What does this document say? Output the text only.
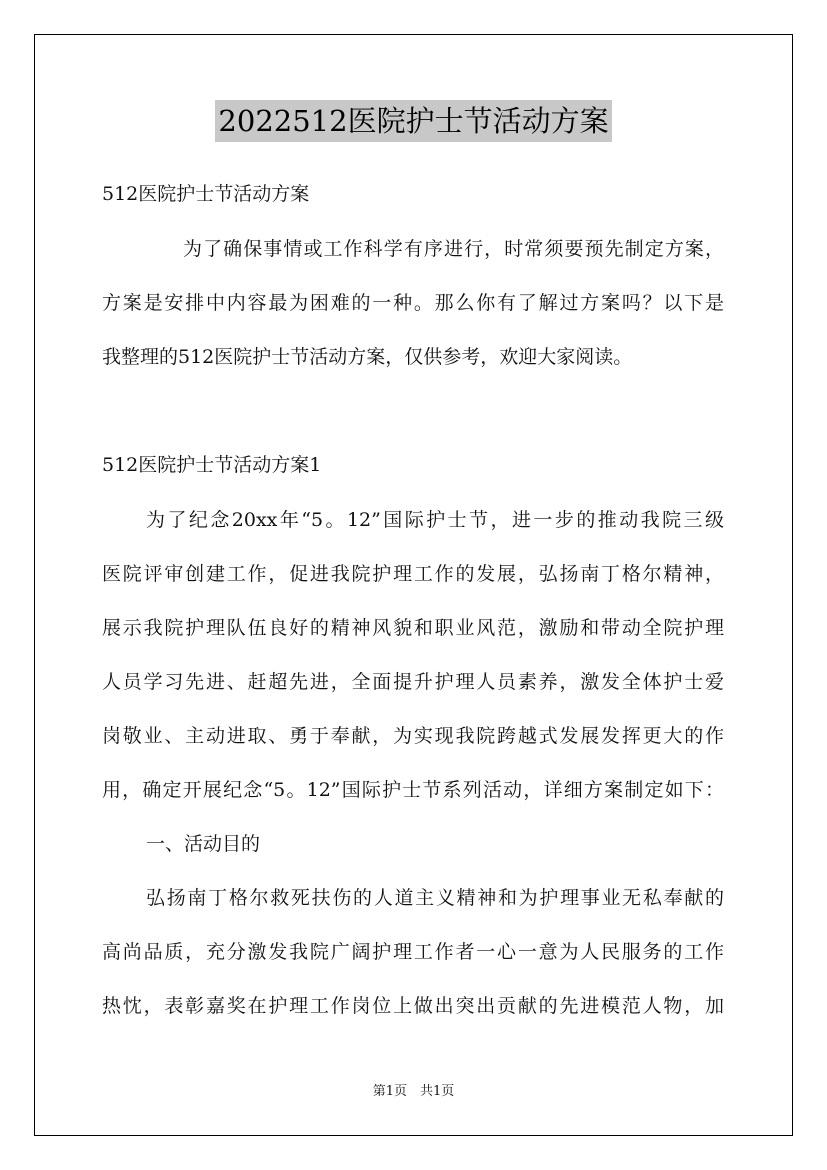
2022512医院护士节活动方案
512医院护士节活动方案
为了确保事情或工作科学有序进行，时常须要预先制定方案，
方案是安排中内容最为困难的一种。那么你有了解过方案吗？以下是
我整理的512医院护士节活动方案，仅供参考，欢迎大家阅读。
512医院护士节活动方案1
为了纪念20xx年“5。12”国际护士节，进一步的推动我院三级
医院评审创建工作，促进我院护理工作的发展，弘扬南丁格尔精神，
展示我院护理队伍良好的精神风貌和职业风范，激励和带动全院护理
人员学习先进、赶超先进，全面提升护理人员素养，激发全体护士爱
岗敬业、主动进取、勇于奉献，为实现我院跨越式发展发挥更大的作
用，确定开展纪念“5。12”国际护士节系列活动，详细方案制定如下：
一、活动目的
弘扬南丁格尔救死扶伤的人道主义精神和为护理事业无私奉献的
高尚品质，充分激发我院广阔护理工作者一心一意为人民服务的工作
热忱，表彰嘉奖在护理工作岗位上做出突出贡献的先进模范人物，加
第1页　共1页
